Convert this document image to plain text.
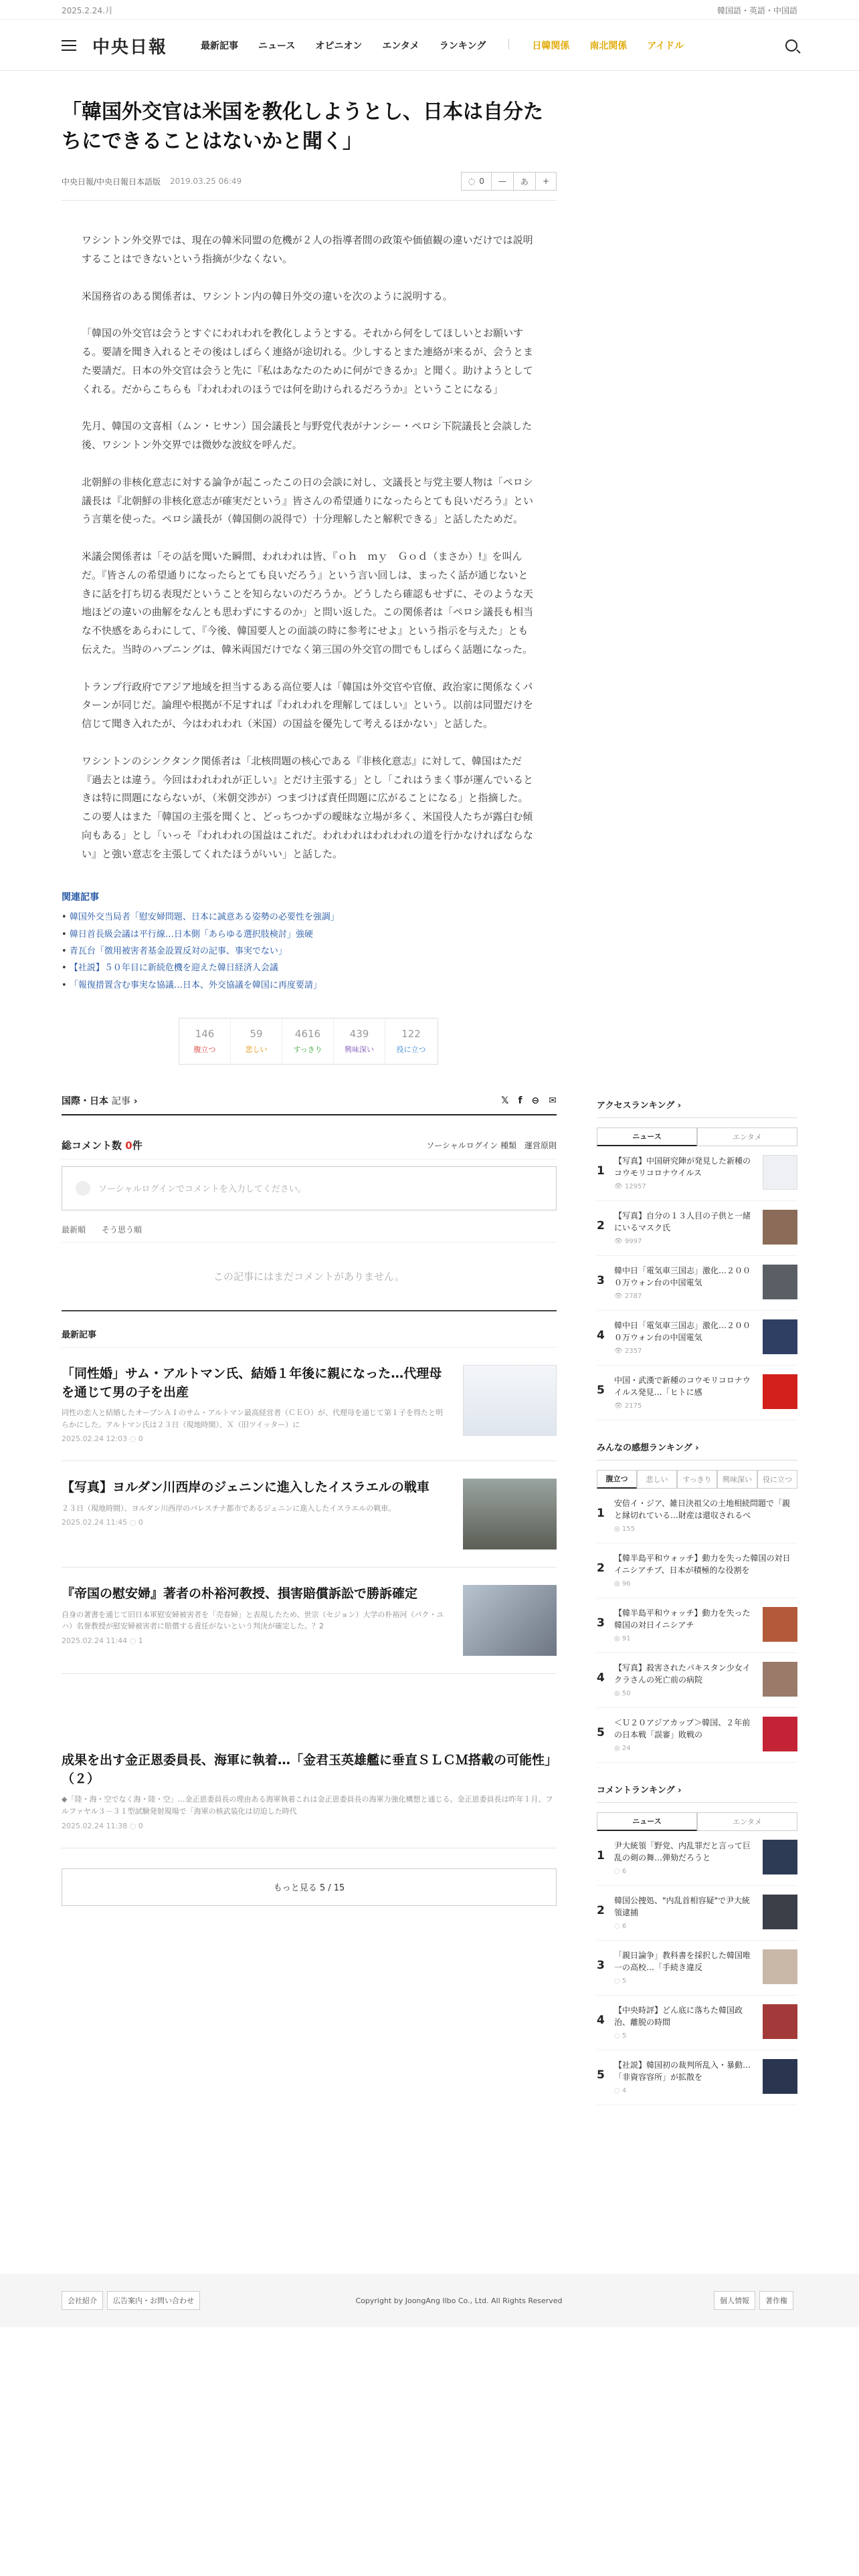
2025.2.24.月	韓国語・英語・中国語
中央日報	最新記事 ニュース オピニオン エンタメ ランキング	日韓関係 南北関係 アイドル
「韓国外交官は米国を教化しようとし、日本は自分たちにできることはないかと聞く」
中央日報/中央日報日本語版 2019.03.25 06:49	◌ 0	—	あ	+

ワシントン外交界では、現在の韓米同盟の危機が２人の指導者間の政策や価値観の違いだけでは説明することはできないという指摘が少なくない。

米国務省のある関係者は、ワシントン内の韓日外交の違いを次のように説明する。

「韓国の外交官は会うとすぐにわれわれを教化しようとする。それから何をしてほしいとお願いする。要請を聞き入れるとその後はしばらく連絡が途切れる。少しするとまた連絡が来るが、会うとまた要請だ。日本の外交官は会うと先に『私はあなたのために何ができるか』と聞く。助けようとしてくれる。だからこちらも『われわれのほうでは何を助けられるだろうか』ということになる」

先月、韓国の文喜相（ムン・ヒサン）国会議長と与野党代表がナンシー・ペロシ下院議長と会談した後、ワシントン外交界では微妙な波紋を呼んだ。

北朝鮮の非核化意志に対する論争が起こったこの日の会談に対し、文議長と与党主要人物は「ペロシ議長は『北朝鮮の非核化意志が確実だという』皆さんの希望通りになったらとても良いだろう』という言葉を使った。ペロシ議長が（韓国側の説得で）十分理解したと解釈できる」と話したためだ。

米議会関係者は「その話を聞いた瞬間、われわれは皆、『ｏｈ　ｍｙ　Ｇｏｄ（まさか）!』を叫んだ。『皆さんの希望通りになったらとても良いだろう』という言い回しは、まったく話が通じないときに話を打ち切る表現だということを知らないのだろうか。どうしたら確認もせずに、そのような天地ほどの違いの曲解をなんとも思わずにするのか」と問い返した。この関係者は「ペロシ議長も相当な不快感をあらわにして、『今後、韓国要人との面談の時に参考にせよ』という指示を与えた」とも伝えた。当時のハプニングは、韓米両国だけでなく第三国の外交官の間でもしばらく話題になった。

トランプ行政府でアジア地域を担当するある高位要人は「韓国は外交官や官僚、政治家に関係なくパターンが同じだ。論理や根拠が不足すれば『われわれを理解してほしい』という。以前は同盟だけを信じて聞き入れたが、今はわれわれ（米国）の国益を優先して考えるほかない」と話した。

ワシントンのシンクタンク関係者は「北核問題の核心である『非核化意志』に対して、韓国はただ『過去とは違う。今回はわれわれが正しい』とだけ主張する」とし「これはうまく事が運んでいるときは特に問題にならないが、（米朝交渉が）つまづけば責任問題に広がることになる」と指摘した。この要人はまた「韓国の主張を聞くと、どっちつかずの曖昧な立場が多く、米国役人たちが露白む傾向もある」とし「いっそ『われわれの国益はこれだ。われわれはわれわれの道を行かなければならない』と強い意志を主張してくれたほうがいい」と話した。

関連記事
• 韓国外交当局者「慰安婦問題、日本に誠意ある姿勢の必要性を強調」
• 韓日首長級会議は平行線…日本側「あらゆる選択肢検討」強硬
• 青瓦台「徴用被害者基金設置反対の記事、事実でない」
• 【社説】５０年目に新続危機を迎えた韓日経済人会議
• 「報復措置含む事実な協議…日本、外交協議を韓国に再度要請」
146
腹立つ
59
悲しい
4616
すっきり
439
興味深い
122
役に立つ
国際・日本 記事 ›	𝕏 f ⊖ ✉
総コメント数 0件	ソーシャルログイン 種類 運営原則
ソーシャルログインでコメントを入力してください。
最新順 そう思う順
この記事にはまだコメントがありません。
最新記事
「同性婚」サム・アルトマン氏、結婚１年後に親になった…代理母を通じて男の子を出産
同性の恋人と結婚したオープンＡＩのサム・アルトマン最高経営者（ＣＥＯ）が、代理母を通じて第１子を得たと明らかにした。アルトマン氏は２３日（現地時間）、Ｘ（旧ツイッター）に
2025.02.24 12:03 ◌ 0
【写真】ヨルダン川西岸のジェニンに進入したイスラエルの戦車
２３日（現地時間）、ヨルダン川西岸のパレスチナ都市であるジェニンに進入したイスラエルの戦車。
2025.02.24 11:45 ◌ 0
『帝国の慰安婦』著者の朴裕河教授、損害賠償訴訟で勝訴確定
自身の著書を通じて旧日本軍慰安婦被害者を「売春婦」と表現したため、世宗（セジョン）大学の朴裕河（パク・ユハ）名誉教授が慰安婦被害者に賠償する責任がないという判決が確定した。？2
2025.02.24 11:44 ◌ 1
成果を出す金正恩委員長、海軍に執着…「金君玉英雄艦に垂直ＳＬＣＭ搭載の可能性」（２）
◆「陸・海・空でなく海・陸・空」…金正恩委員長の理由ある海軍執着これは金正恩委員長の海軍力強化構想と通じる。金正恩委員長は昨年１月、フルファヤル３－３１型試験発射現場で「海軍の核武装化は切迫した時代
2025.02.24 11:38 ◌ 0
もっと見る 5 / 15
アクセスランキング ›
ニュース	エンタメ
1
【写真】中国研究陣が発見した新種のコウモリコロナウイルス
👁 12957
2
【写真】自分の１３人目の子供と一緒にいるマスク氏
👁 9997
3
韓中日「電気車三国志」激化…２０００万ウォン台の中国電気
👁 2787
4
韓中日「電気車三国志」激化…２０００万ウォン台の中国電気
👁 2357
5
中国・武漢で新種のコウモリコロナウイルス発見…「ヒトに感
👁 2175
みんなの感想ランキング ›
腹立つ	悲しい	すっきり	興味深い	役に立つ
1
安倍イ・ジア、雑日決祖父の土地相続問題で「親と縁切れている…財産は還収されるべ
◎ 155
2
【韓半島平和ウォッチ】動力を失った韓国の対日イニシアチブ、日本が積極的な役割を
◎ 96
3
【韓半島平和ウォッチ】動力を失った韓国の対日イニシアチ
◎ 91
4
【写真】殺害されたパキスタン少女イクラさんの死亡前の病院
◎ 50
5
＜Ｕ２０アジアカップ＞韓国、２年前の日本戦「誤審」敗戦の
◎ 24
コメントランキング ›
ニュース	エンタメ
1
尹大統領「野党、内乱罪だと言って巨乱の剣の舞…弾劾だろうと
◌ 6
2
韓国公捜処、"内乱首相容疑"で尹大統領逮捕
◌ 6
3
「親日論争」教科書を採択した韓国唯一の高校…「手続き違反
◌ 5
4
【中央時評】どん底に落ちた韓国政治、離脱の時間
◌ 5
5
【社説】韓国初の裁判所乱入・暴動…「非資容容所」が拡散を
◌ 4
会社紹介	広告案内・お問い合わせ	Copyright by JoongAng Ilbo Co., Ltd. All Rights Reserved	個人情報	著作権
